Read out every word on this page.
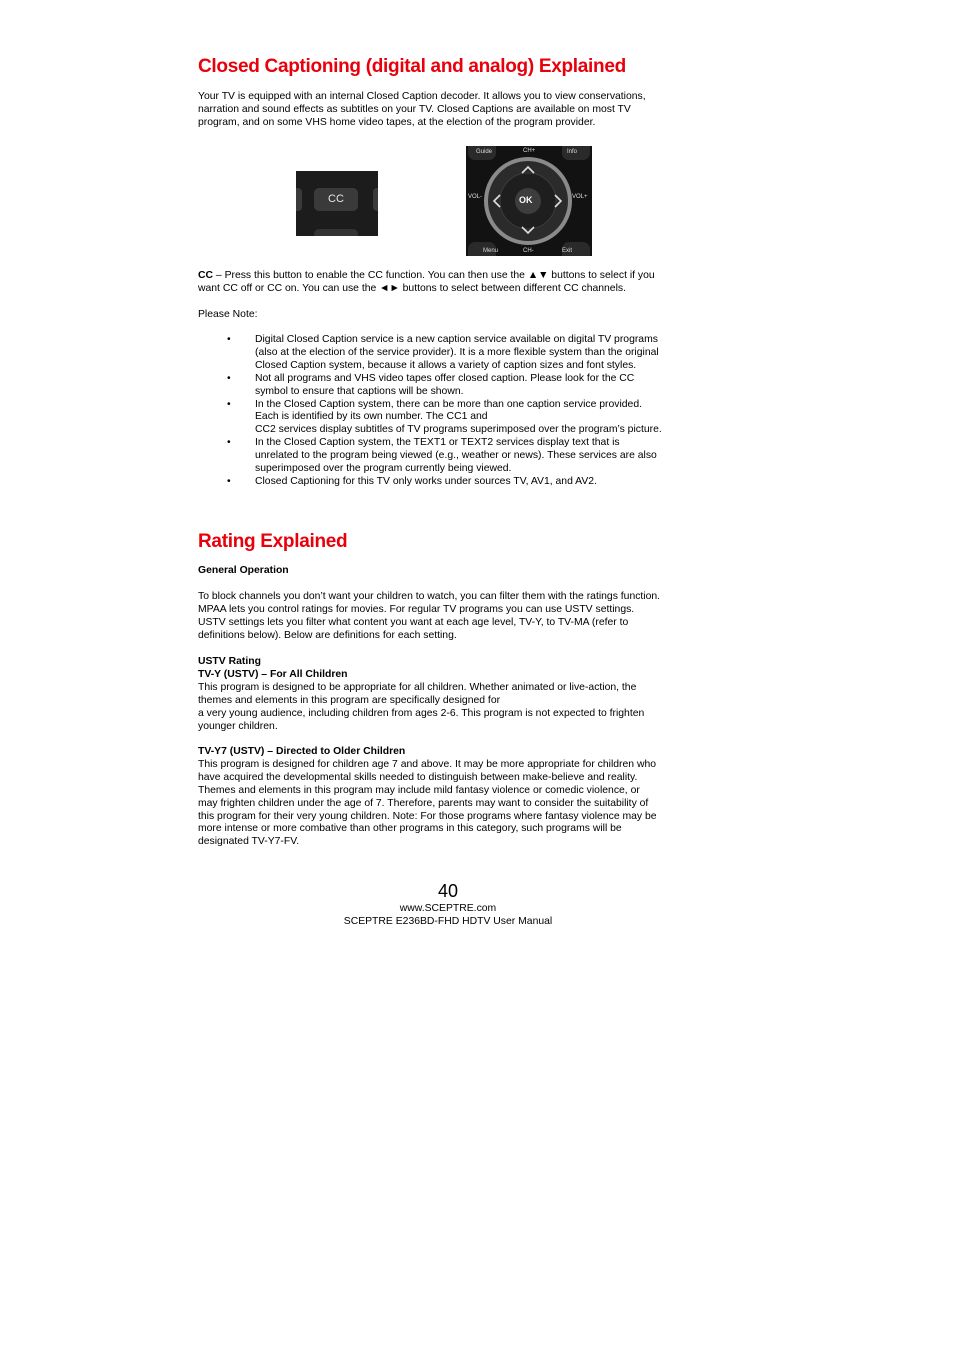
Closed Captioning (digital and analog) Explained

Your TV is equipped with an internal Closed Caption decoder. It allows you to view conservations,
narration and sound effects as subtitles on your TV. Closed Captions are available on most TV
program, and on some VHS home video tapes, at the election of the program provider.

CC
Guide	Info
CH+
VOL-	VOL+
OK
Menu	CH-	Exit

CC – Press this button to enable the CC function. You can then use the ▲▼ buttons to select if you
want CC off or CC on. You can use the ◄► buttons to select between different CC channels.

Please Note:

• Digital Closed Caption service is a new caption service available on digital TV programs
(also at the election of the service provider). It is a more flexible system than the original
Closed Caption system, because it allows a variety of caption sizes and font styles.
• Not all programs and VHS video tapes offer closed caption. Please look for the CC
symbol to ensure that captions will be shown.
• In the Closed Caption system, there can be more than one caption service provided.
Each is identified by its own number. The CC1 and
CC2 services display subtitles of TV programs superimposed over the program’s picture.
• In the Closed Caption system, the TEXT1 or TEXT2 services display text that is
unrelated to the program being viewed (e.g., weather or news). These services are also
superimposed over the program currently being viewed.
• Closed Captioning for this TV only works under sources TV, AV1, and AV2.
Rating Explained

General Operation

To block channels you don’t want your children to watch, you can filter them with the ratings function.
MPAA lets you control ratings for movies. For regular TV programs you can use USTV settings.
USTV settings lets you filter what content you want at each age level, TV-Y, to TV-MA (refer to
definitions below). Below are definitions for each setting.

USTV Rating
TV-Y (USTV) – For All Children
This program is designed to be appropriate for all children. Whether animated or live-action, the
themes and elements in this program are specifically designed for
a very young audience, including children from ages 2-6. This program is not expected to frighten
younger children.

TV-Y7 (USTV) – Directed to Older Children
This program is designed for children age 7 and above. It may be more appropriate for children who
have acquired the developmental skills needed to distinguish between make-believe and reality.
Themes and elements in this program may include mild fantasy violence or comedic violence, or
may frighten children under the age of 7. Therefore, parents may want to consider the suitability of
this program for their very young children. Note: For those programs where fantasy violence may be
more intense or more combative than other programs in this category, such programs will be
designated TV-Y7-FV.

40
www.SCEPTRE.com
SCEPTRE E236BD-FHD HDTV User Manual
